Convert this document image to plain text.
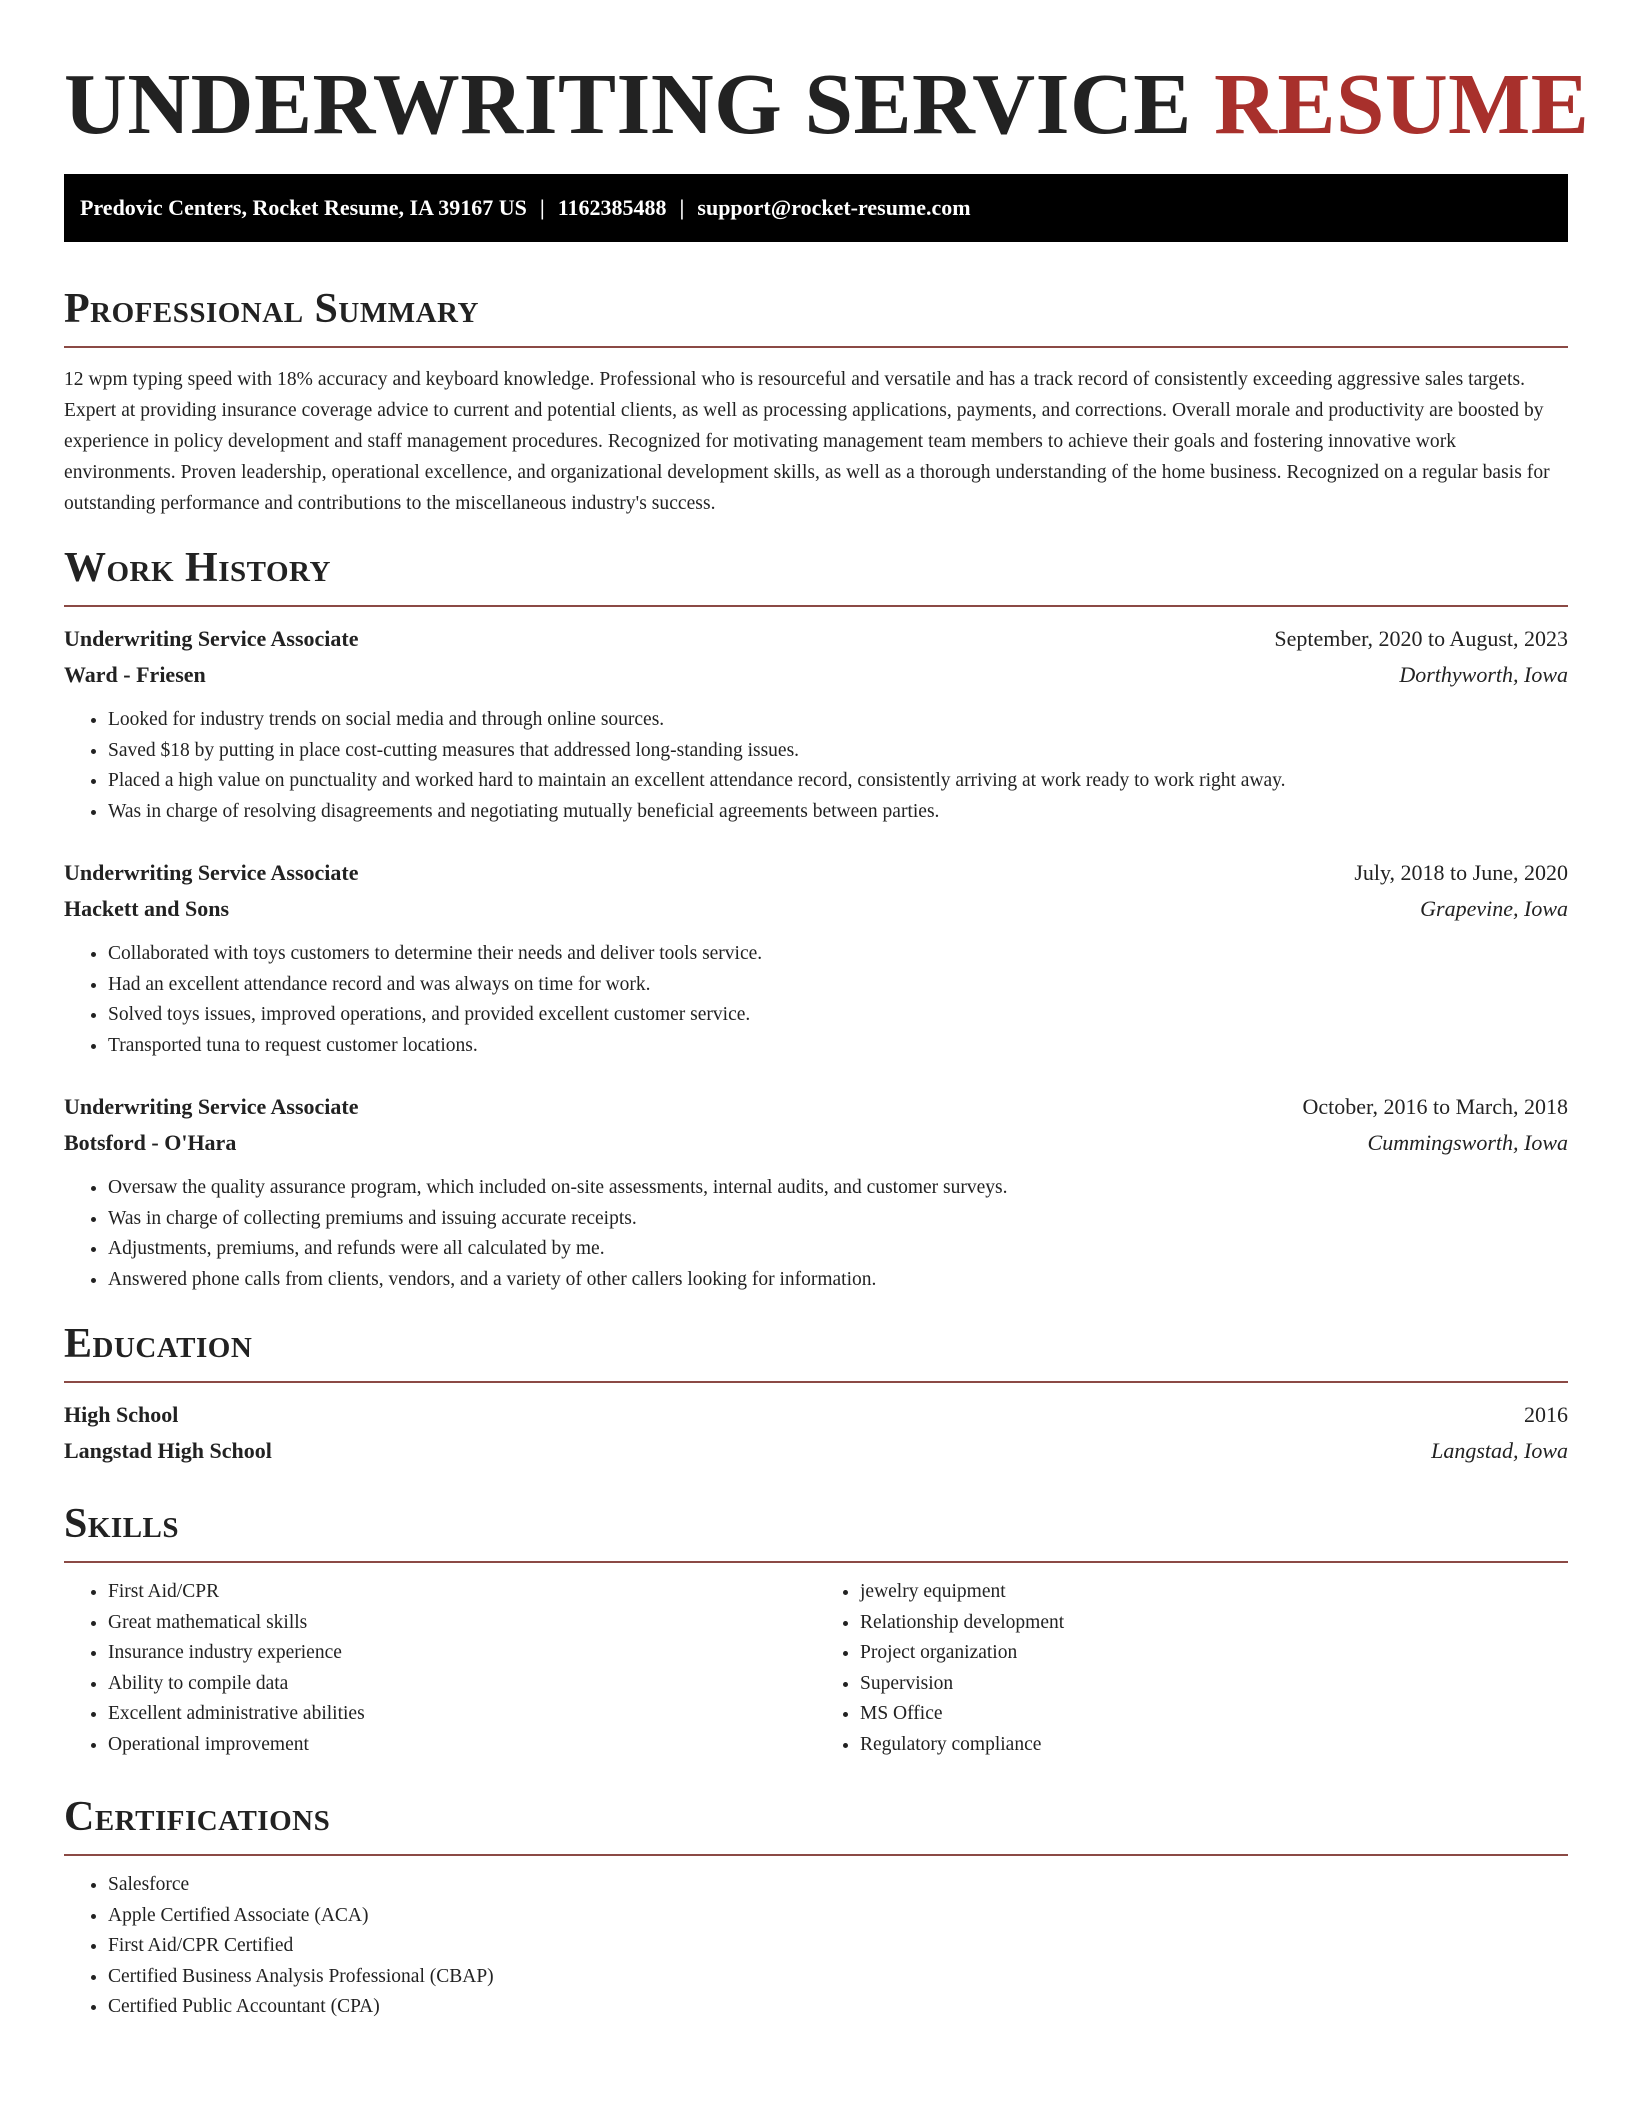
UNDERWRITING SERVICE RESUME
Predovic Centers, Rocket Resume, IA 39167 US | 1162385488 | support@rocket-resume.com
Professional Summary

12 wpm typing speed with 18% accuracy and keyboard knowledge. Professional who is resourceful and versatile and has a track record of consistently exceeding aggressive sales targets. Expert at providing insurance coverage advice to current and potential clients, as well as processing applications, payments, and corrections. Overall morale and productivity are boosted by experience in policy development and staff management procedures. Recognized for motivating management team members to achieve their goals and fostering innovative work environments. Proven leadership, operational excellence, and organizational development skills, as well as a thorough understanding of the home business. Recognized on a regular basis for outstanding performance and contributions to the miscellaneous industry's success.

Work History
Underwriting Service Associate	September, 2020 to August, 2023
Ward - Friesen	Dorthyworth, Iowa
• Looked for industry trends on social media and through online sources.
• Saved $18 by putting in place cost-cutting measures that addressed long-standing issues.
• Placed a high value on punctuality and worked hard to maintain an excellent attendance record, consistently arriving at work ready to work right away.
• Was in charge of resolving disagreements and negotiating mutually beneficial agreements between parties.
Underwriting Service Associate	July, 2018 to June, 2020
Hackett and Sons	Grapevine, Iowa
• Collaborated with toys customers to determine their needs and deliver tools service.
• Had an excellent attendance record and was always on time for work.
• Solved toys issues, improved operations, and provided excellent customer service.
• Transported tuna to request customer locations.
Underwriting Service Associate	October, 2016 to March, 2018
Botsford - O'Hara	Cummingsworth, Iowa
• Oversaw the quality assurance program, which included on-site assessments, internal audits, and customer surveys.
• Was in charge of collecting premiums and issuing accurate receipts.
• Adjustments, premiums, and refunds were all calculated by me.
• Answered phone calls from clients, vendors, and a variety of other callers looking for information.
Education
High School	2016
Langstad High School	Langstad, Iowa
Skills
• First Aid/CPR
• Great mathematical skills
• Insurance industry experience
• Ability to compile data
• Excellent administrative abilities
• Operational improvement
• jewelry equipment
• Relationship development
• Project organization
• Supervision
• MS Office
• Regulatory compliance
Certifications
• Salesforce
• Apple Certified Associate (ACA)
• First Aid/CPR Certified
• Certified Business Analysis Professional (CBAP)
• Certified Public Accountant (CPA)
